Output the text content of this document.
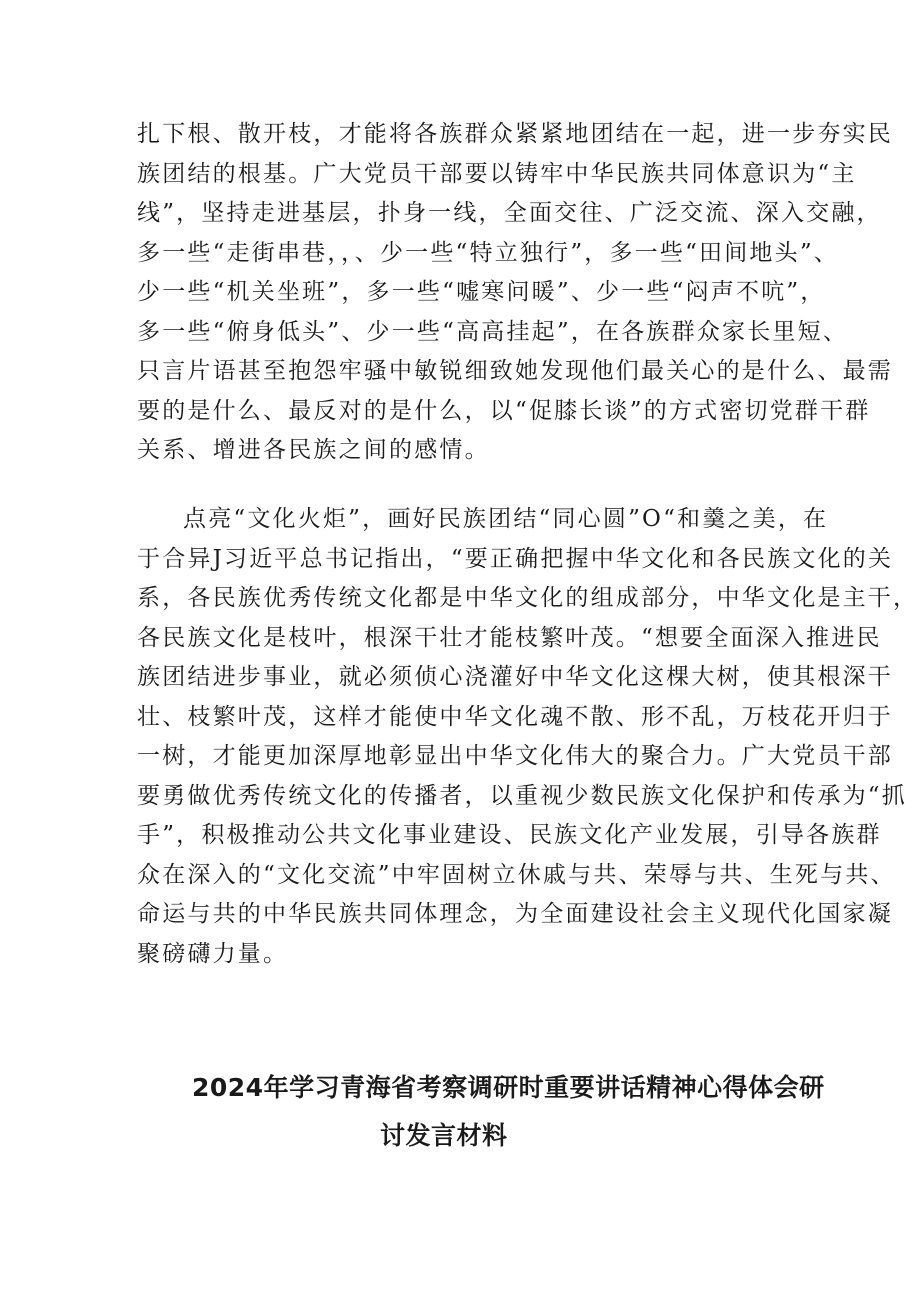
扎下根、散开枝，才能将各族群众紧紧地团结在一起，进一步夯实民
族团结的根基。广大党员干部要以铸牢中华民族共同体意识为“主
线”，坚持走进基层，扑身一线，全面交往、广泛交流、深入交融，
多一些“走街串巷，，、少一些“特立独行”，多一些“田间地头”、
少一些“机关坐班”，多一些“嘘寒问暖”、少一些“闷声不吭”，
多一些“俯身低头”、少一些“高高挂起”，在各族群众家长里短、
只言片语甚至抱怨牢骚中敏锐细致她发现他们最关心的是什么、最需
要的是什么、最反对的是什么，以“促膝长谈”的方式密切党群干群
关系、增进各民族之间的感情。
点亮“文化火炬”，画好民族团结“同心圆”O“和羹之美，在
于合异J习近平总书记指出，“要正确把握中华文化和各民族文化的关
系，各民族优秀传统文化都是中华文化的组成部分，中华文化是主干，
各民族文化是枝叶，根深干壮才能枝繁叶茂。“想要全面深入推进民
族团结进步事业，就必须侦心浇灌好中华文化这棵大树，使其根深干
壮、枝繁叶茂，这样才能使中华文化魂不散、形不乱，万枝花开归于
一树，才能更加深厚地彰显出中华文化伟大的聚合力。广大党员干部
要勇做优秀传统文化的传播者，以重视少数民族文化保护和传承为“抓
手”，积极推动公共文化事业建设、民族文化产业发展，引导各族群
众在深入的“文化交流”中牢固树立休戚与共、荣辱与共、生死与共、
命运与共的中华民族共同体理念，为全面建设社会主义现代化国家凝
聚磅礴力量。
2024年学习青海省考察调研时重要讲话精神心得体会研
讨发言材料
